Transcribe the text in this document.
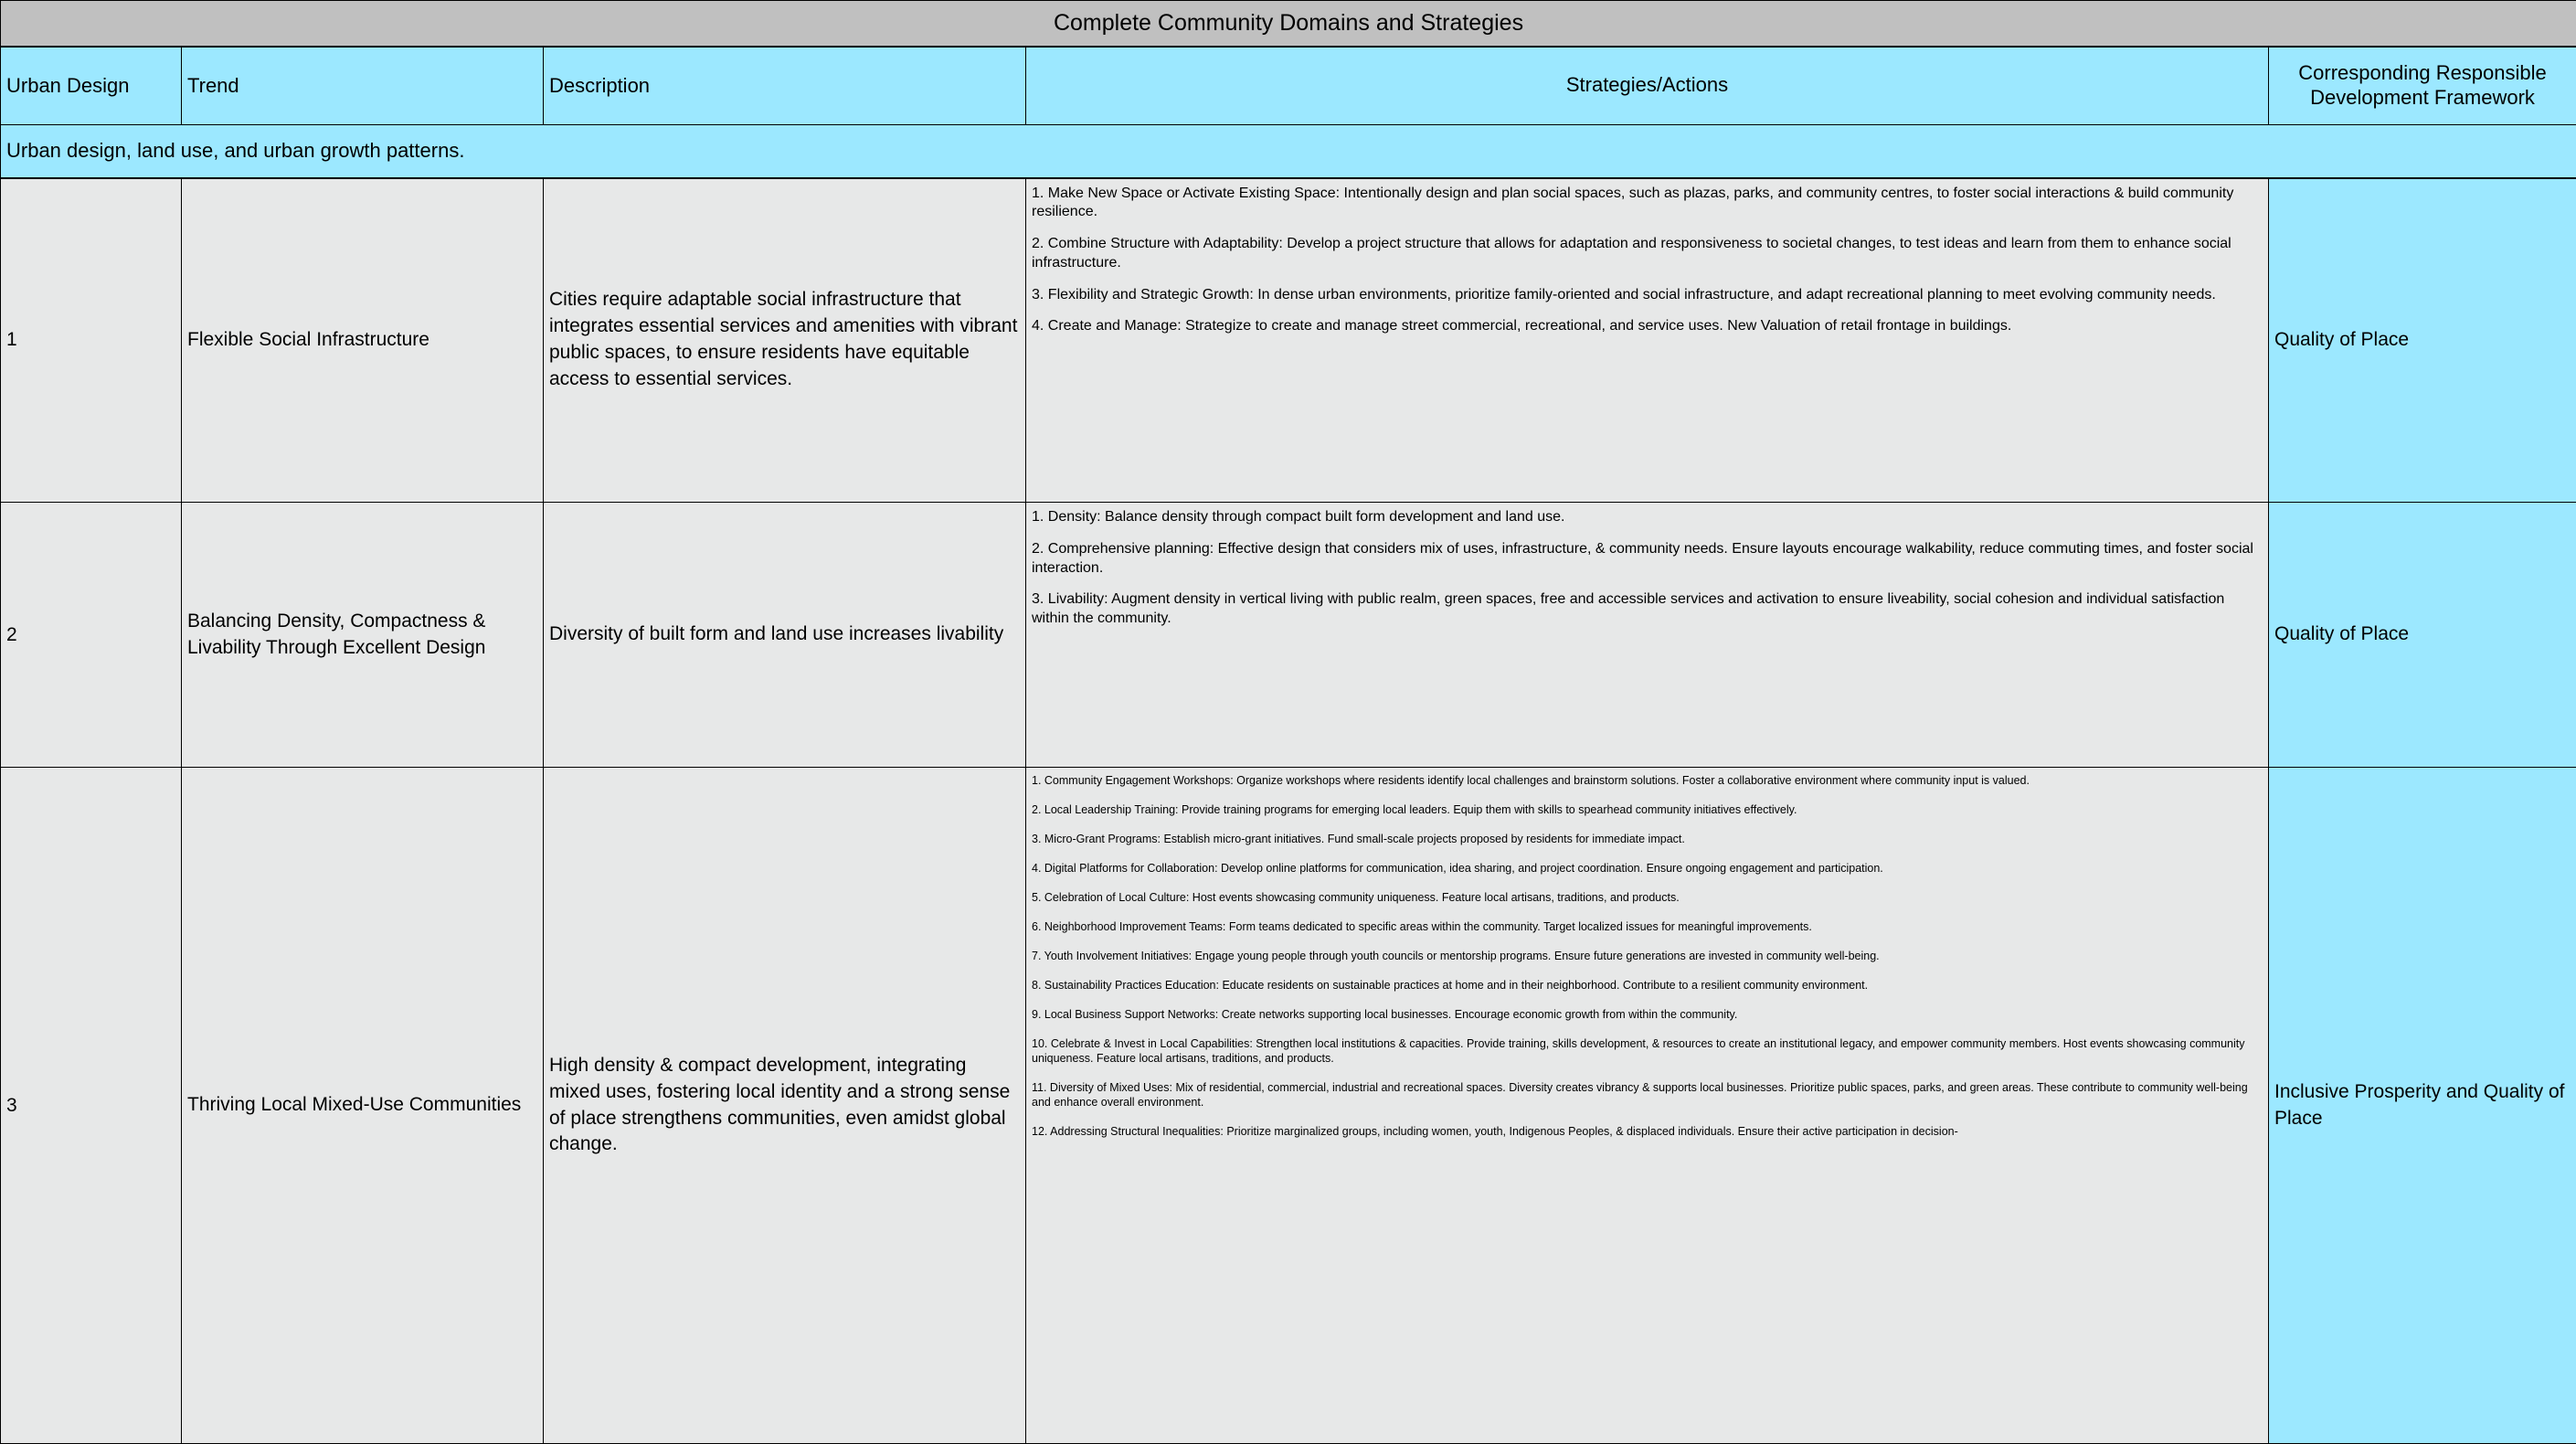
Complete Community Domains and Strategies				
Urban Design	Trend	Description	Strategies/Actions	Corresponding Responsible Development Framework
Urban design, land use, and urban growth patterns.				
1	Flexible Social Infrastructure	Cities require adaptable social infrastructure that integrates essential services and amenities with vibrant public spaces, to ensure residents have equitable access to essential services.	1. Make New Space or Activate Existing Space: Intentionally design and plan social spaces, such as plazas, parks, and community centres, to foster social interactions & build community resilience.

2. Combine Structure with Adaptability: Develop a project structure that allows for adaptation and responsiveness to societal changes, to test ideas and learn from them to enhance social infrastructure.

3. Flexibility and Strategic Growth: In dense urban environments, prioritize family-oriented and social infrastructure, and adapt recreational planning to meet evolving community needs.

4. Create and Manage: Strategize to create and manage street commercial, recreational, and service uses. New Valuation of retail frontage in buildings.	Quality of Place
2	Balancing Density, Compactness & Livability Through Excellent Design	Diversity of built form and land use increases livability	1. Density: Balance density through compact built form development and land use.

2. Comprehensive planning: Effective design that considers mix of uses, infrastructure, & community needs. Ensure layouts encourage walkability, reduce commuting times, and foster social interaction.

3. Livability: Augment density in vertical living with public realm, green spaces, free and accessible services and activation to ensure liveability, social cohesion and individual satisfaction within the community.	Quality of Place
3	Thriving Local Mixed-Use Communities	High density & compact development, integrating mixed uses, fostering local identity and a strong sense of place strengthens communities, even amidst global change.	

1. Community Engagement Workshops: Organize workshops where residents identify local challenges and brainstorm solutions. Foster a collaborative environment where community input is valued.

2. Local Leadership Training: Provide training programs for emerging local leaders. Equip them with skills to spearhead community initiatives effectively.

3. Micro-Grant Programs: Establish micro-grant initiatives. Fund small-scale projects proposed by residents for immediate impact.

4. Digital Platforms for Collaboration: Develop online platforms for communication, idea sharing, and project coordination. Ensure ongoing engagement and participation.

5. Celebration of Local Culture: Host events showcasing community uniqueness. Feature local artisans, traditions, and products.

6. Neighborhood Improvement Teams: Form teams dedicated to specific areas within the community. Target localized issues for meaningful improvements.

7. Youth Involvement Initiatives: Engage young people through youth councils or mentorship programs. Ensure future generations are invested in community well-being.

8. Sustainability Practices Education: Educate residents on sustainable practices at home and in their neighborhood. Contribute to a resilient community environment.

9. Local Business Support Networks: Create networks supporting local businesses. Encourage economic growth from within the community.

10. Celebrate & Invest in Local Capabilities: Strengthen local institutions & capacities. Provide training, skills development, & resources to create an institutional legacy, and empower community members. Host events showcasing community uniqueness. Feature local artisans, traditions, and products.

11. Diversity of Mixed Uses: Mix of residential, commercial, industrial and recreational spaces. Diversity creates vibrancy & supports local businesses. Prioritize public spaces, parks, and green areas. These contribute to community well-being and enhance overall environment.

12. Addressing Structural Inequalities: Prioritize marginalized groups, including women, youth, Indigenous Peoples, & displaced individuals. Ensure their active participation in decision-

	Inclusive Prosperity and Quality of Place
